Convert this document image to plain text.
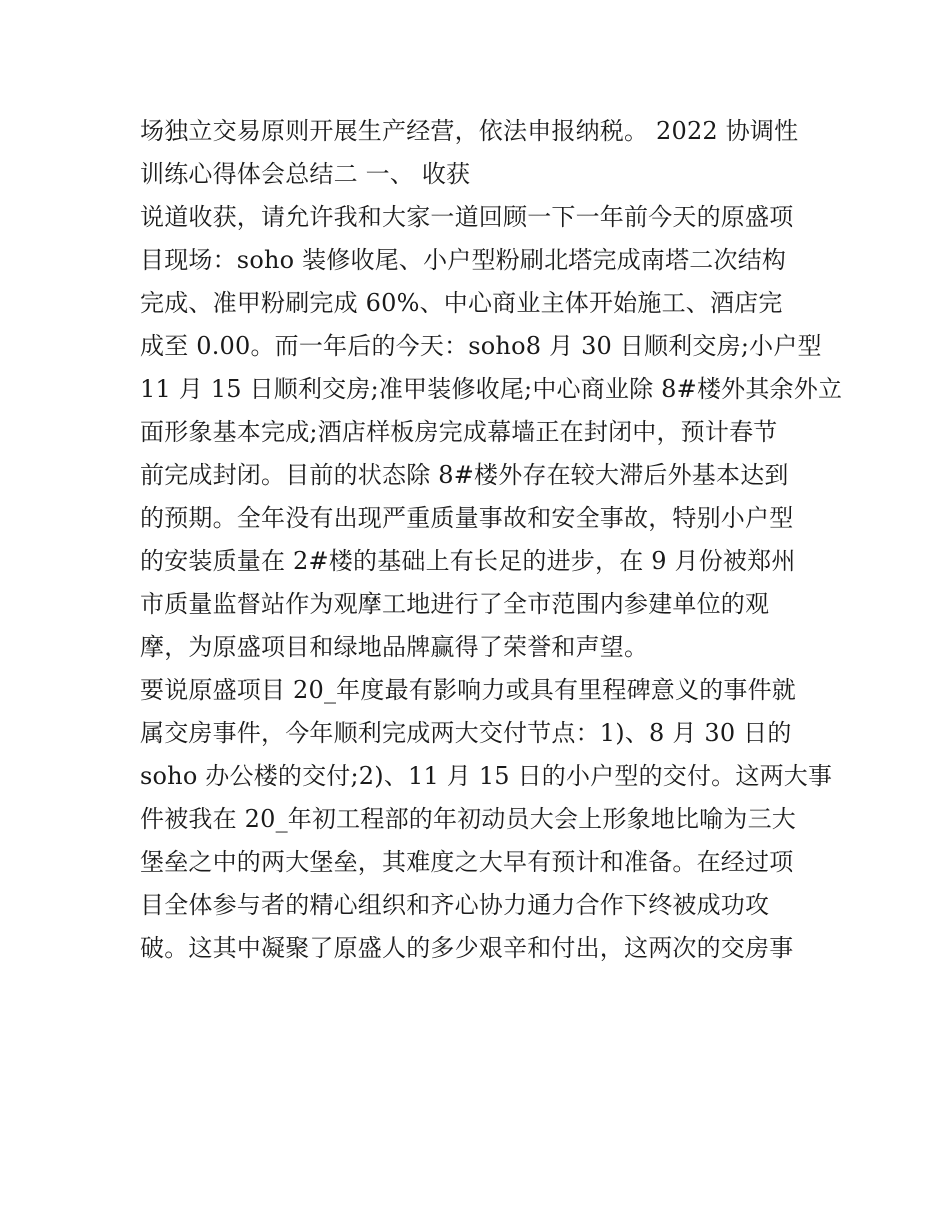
场独立交易原则开展生产经营，依法申报纳税。 2022 协调性
训练心得体会总结二 一、 收获
说道收获，请允许我和大家一道回顾一下一年前今天的原盛项
目现场：soho 装修收尾、小户型粉刷北塔完成南塔二次结构
完成、准甲粉刷完成 60%、中心商业主体开始施工、酒店完
成至 0.00。而一年后的今天：soho8 月 30 日顺利交房;小户型
11 月 15 日顺利交房;准甲装修收尾;中心商业除 8#楼外其余外立
面形象基本完成;酒店样板房完成幕墙正在封闭中，预计春节
前完成封闭。目前的状态除 8#楼外存在较大滞后外基本达到
的预期。全年没有出现严重质量事故和安全事故，特别小户型
的安装质量在 2#楼的基础上有长足的进步，在 9 月份被郑州
市质量监督站作为观摩工地进行了全市范围内参建单位的观
摩，为原盛项目和绿地品牌赢得了荣誉和声望。
要说原盛项目 20_年度最有影响力或具有里程碑意义的事件就
属交房事件，今年顺利完成两大交付节点：1)、8 月 30 日的
soho 办公楼的交付;2)、11 月 15 日的小户型的交付。这两大事
件被我在 20_年初工程部的年初动员大会上形象地比喻为三大
堡垒之中的两大堡垒，其难度之大早有预计和准备。在经过项
目全体参与者的精心组织和齐心协力通力合作下终被成功攻
破。这其中凝聚了原盛人的多少艰辛和付出，这两次的交房事
